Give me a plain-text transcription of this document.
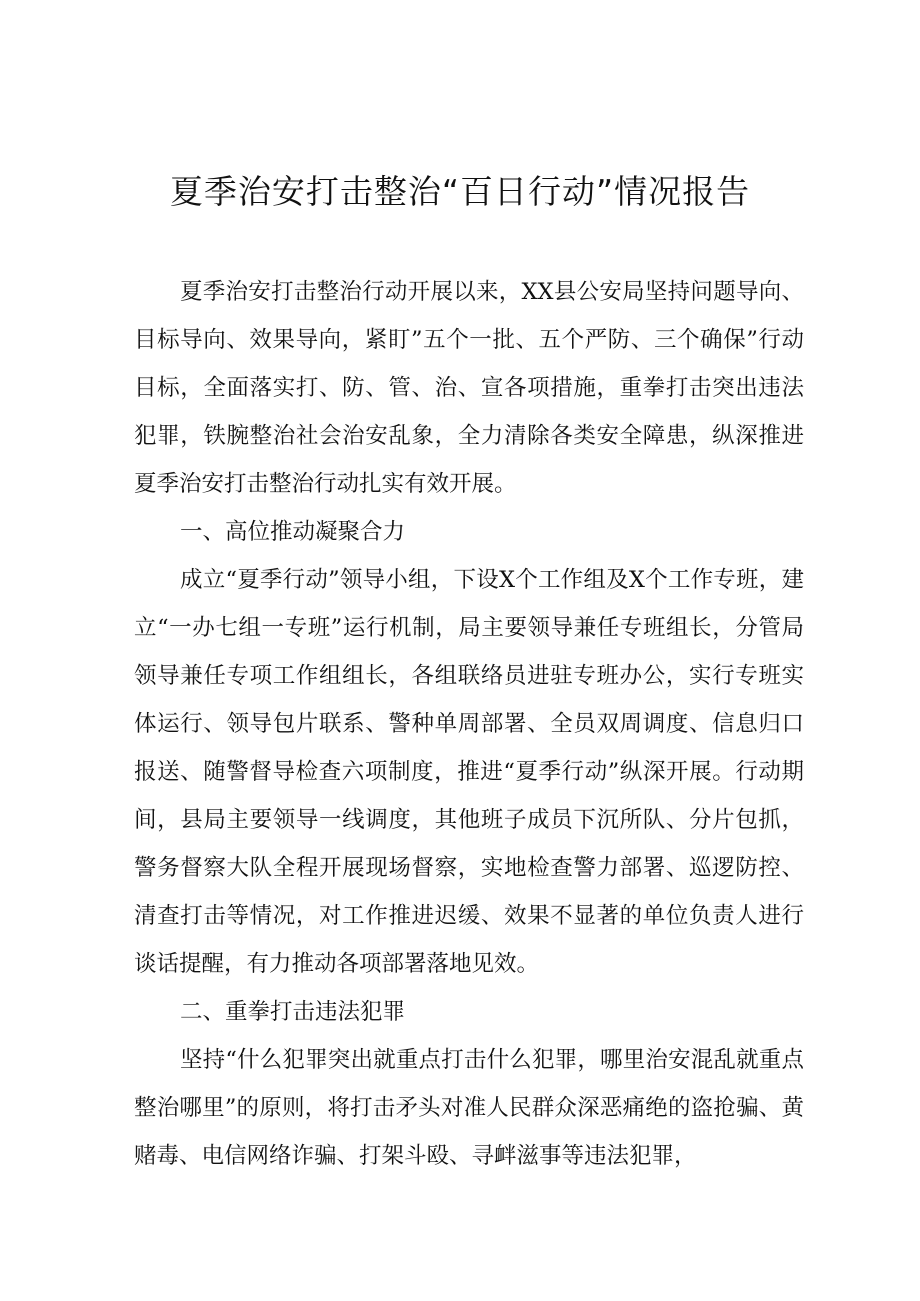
夏季治安打击整治“百日行动”情况报告

夏季治安打击整治行动开展以来，XX县公安局坚持问题导向、目标导向、效果导向，紧盯”五个一批、五个严防、三个确保”行动目标，全面落实打、防、管、治、宣各项措施，重拳打击突出违法犯罪，铁腕整治社会治安乱象，全力清除各类安全障患，纵深推进夏季治安打击整治行动扎实有效开展。

一、高位推动凝聚合力

成立“夏季行动”领导小组，下设X个工作组及X个工作专班，建立“一办七组一专班”运行机制，局主要领导兼任专班组长，分管局领导兼任专项工作组组长，各组联络员进驻专班办公，实行专班实体运行、领导包片联系、警种单周部署、全员双周调度、信息归口报送、随警督导检查六项制度，推进“夏季行动”纵深开展。行动期间，县局主要领导一线调度，其他班子成员下沉所队、分片包抓，警务督察大队全程开展现场督察，实地检查警力部署、巡逻防控、清查打击等情况，对工作推进迟缓、效果不显著的单位负责人进行谈话提醒，有力推动各项部署落地见效。

二、重拳打击违法犯罪

坚持“什么犯罪突出就重点打击什么犯罪，哪里治安混乱就重点整治哪里”的原则，将打击矛头对准人民群众深恶痛绝的盗抢骗、黄赌毒、电信网络诈骗、打架斗殴、寻衅滋事等违法犯罪，
